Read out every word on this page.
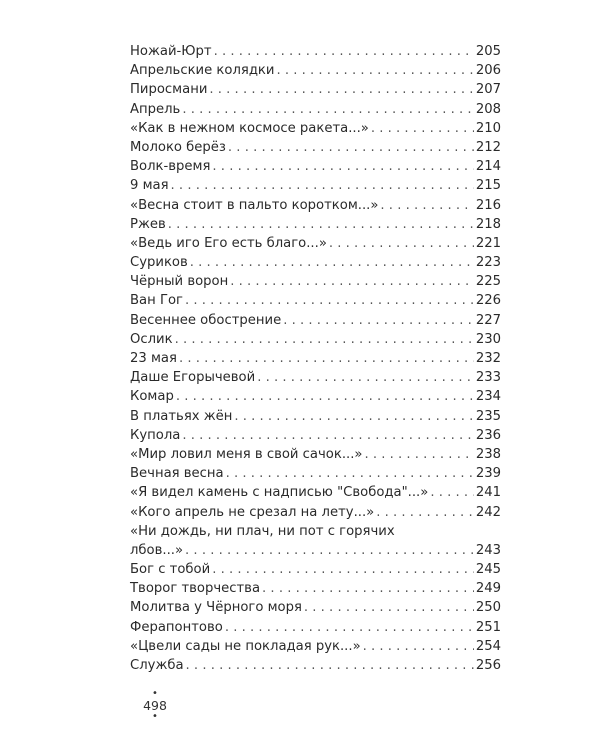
Ножай-Юрт . . .	205
Апрельские колядки . . .	206
Пиросмани . . .	207
Апрель . . .	208
«Как в нежном космосе ракета...» . . .	210
Молоко берёз . . .	212
Волк-время . . .	214
9 мая . . .	215
«Весна стоит в пальто коротком...» . . .	216
Ржев . . .	218
«Ведь иго Его есть благо...» . . .	221
Суриков . . .	223
Чёрный ворон . . .	225
Ван Гог . . .	226
Весеннее обострение . . .	227
Ослик . . .	230
23 мая . . .	232
Даше Егорычевой . . .	233
Комар . . .	234
В платьях жён . . .	235
Купола . . .	236
«Мир ловил меня в свой сачок...» . . .	238
Вечная весна . . .	239
«Я видел камень с надписью "Свобода"...» . . .	241
«Кого апрель не срезал на лету...» . . .	242
«Ни дождь, ни плач, ни пот с горячих
лбов...» . . .	243
Бог с тобой . . .	245
Творог творчества . . .	249
Молитва у Чёрного моря . . .	250
Ферапонтово . . .	251
«Цвели сады не покладая рук...» . . .	254
Служба . . .	256
•
498
•
